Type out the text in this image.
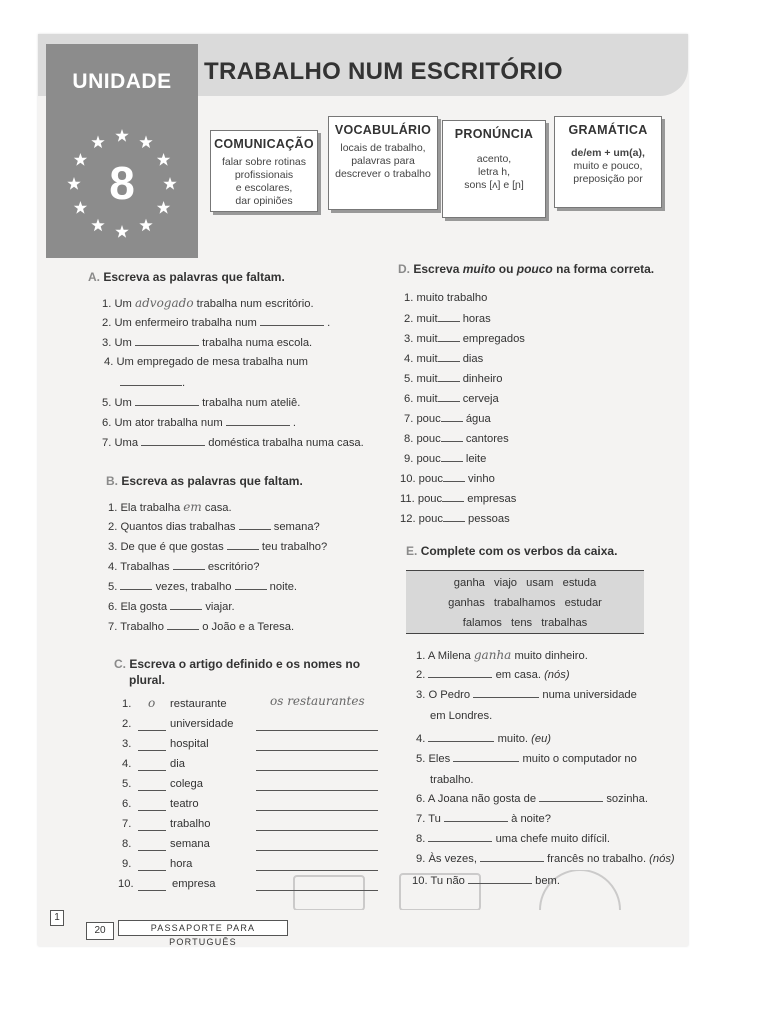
UNIDADE
8
TRABALHO NUM ESCRITÓRIO
COMUNICAÇÃO
falar sobre rotinas
profissionais
e escolares,
dar opiniões
VOCABULÁRIO
locais de trabalho,
palavras para
descrever o trabalho
PRONÚNCIA
acento,
letra h,
sons [ʌ] e [ɲ]
GRAMÁTICA
de/em + um(a),
muito e pouco,
preposição por
A. Escreva as palavras que faltam.
B. Escreva as palavras que faltam.
C. Escreva o artigo definido e os nomes no
plural.
D. Escreva muito ou pouco na forma correta.
E. Complete com os verbos da caixa.
1. Um advogado trabalha num escritório.
2. Um enfermeiro trabalha num	.
3. Um	trabalha numa escola.
4. Um empregado de mesa trabalha num
.
5. Um	trabalha num ateliê.
6. Um ator trabalha num	.
7. Uma	doméstica trabalha numa casa.
1. Ela trabalha em casa.
2. Quantos dias trabalhas	semana?
3. De que é que gostas	teu trabalho?
4. Trabalhas	escritório?
5.	vezes, trabalho	noite.
6. Ela gosta	viajar.
7. Trabalho	o João e a Teresa.
1. o restaurante	os restaurantes
2.	universidade
3.	hospital
4.	dia
5.	colega
6.	teatro
7.	trabalho
8.	semana
9.	hora
10.	empresa
1. muito trabalho
2. muit horas
3. muit empregados
4. muit dias
5. muit dinheiro
6. muit cerveja
7. pouc água
8. pouc cantores
9. pouc leite
10. pouc vinho
11. pouc empresas
12. pouc pessoas
ganha viajo usam estuda
ganhas trabalhamos estudar
falamos tens trabalhas
1
20	PASSAPORTE PARA PORTUGUÊS
1. A Milena ganha muito dinheiro.
2.	em casa. (nós)
3. O Pedro	numa universidade
em Londres.
4.	muito. (eu)
5. Eles	muito o computador no
trabalho.
6. A Joana não gosta de	sozinha.
7. Tu	à noite?
8.	uma chefe muito difícil.
9. Às vezes,	francês no trabalho. (nós)
10. Tu não	bem.
